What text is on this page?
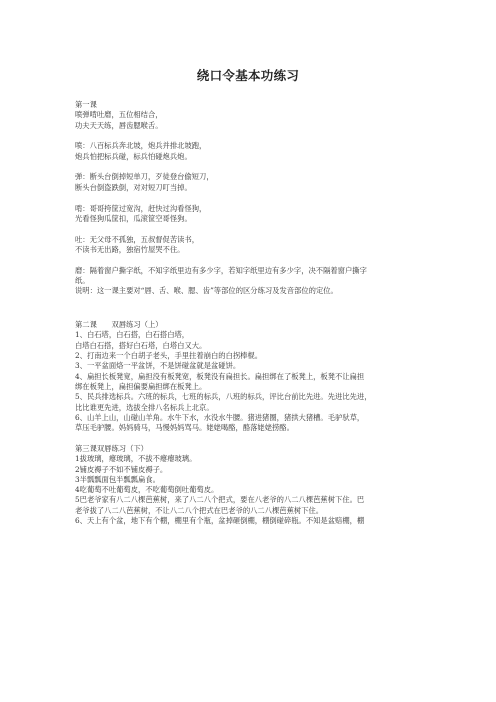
绕口令基本功练习

第一课

喷弹啃吐磨，五位相结合，

功夫天天练，唇齿腮喉舌。

喷：八百标兵奔北坡，炮兵并排北坡跑，

炮兵怕把标兵碰，标兵怕碰炮兵炮。

弹：断头台倒掉短单刀，歹徒登台偷短刀，

断头台倒盗跌倒，对对短刀叮当掉。

啃：哥哥挎筐过宽沟，赶快过沟看怪狗，

光看怪狗瓜筐扣，瓜滚筐空哥怪狗。

吐：无父母不孤独，五叔督促苦读书，

不读书无出路，独宿竹屋哭不住。

磨：隔着窗户撕字纸，不知字纸里边有多少字，若知字纸里边有多少字，决不隔着窗户撕字

纸。

说明：这一课主要对“唇、舌、喉、腮、齿”等部位的区分练习及发音部位的定位。

第二课　　双唇练习（上）

1、白石塔，白石搭，白石搭白塔，

白塔白石搭，搭好白石塔，白塔白又大。

2、打南边来一个白胡子老头，手里拄着崩白的白拐棒棍。

3、一平盆面烙一平盆饼，不是饼碰盆就是盆碰饼。

4、扁担长板凳宽，扁担没有板凳宽，板凳没有扁担长。扁担绑在了板凳上，板凳不让扁担

绑在板凳上，扁担偏要扁担绑在板凳上。

5、民兵排选标兵。六班的标兵，七班的标兵，八班的标兵，评比台前比先进。先进比先进，

比比谁更先进，选拔全排八名标兵上北京。

6、山羊上山，山碰山羊角。水牛下水，水没水牛腰。猪进猪圈，猪拱大猪槽。毛驴驮草，

草压毛驴腰。妈妈骑马，马慢妈妈骂马。姥姥喝酪，酪落姥姥捞酪。

第三课双唇练习（下）

1拔玻璃，瘪玻璃，不拔不瘪瘪玻璃。

2铺皮褥子不如不铺皮褥子。

3半瓢瓢面包半瓢瓢扁食。

4吃葡萄不吐葡萄皮，不吃葡萄倒吐葡萄皮。

5巴老爷家有八二八棵芭蕉树，来了八二八个把式，要在八老爷的八二八棵芭蕉树下住。巴

老爷拔了八二八芭蕉树，不让八二八个把式在巴老爷的八二八棵芭蕉树下住。

6、天上有个盆，地下有个棚，棚里有个瓶，盆掉砸倒棚，棚倒碰碎瓶。不知是盆赔棚，棚
